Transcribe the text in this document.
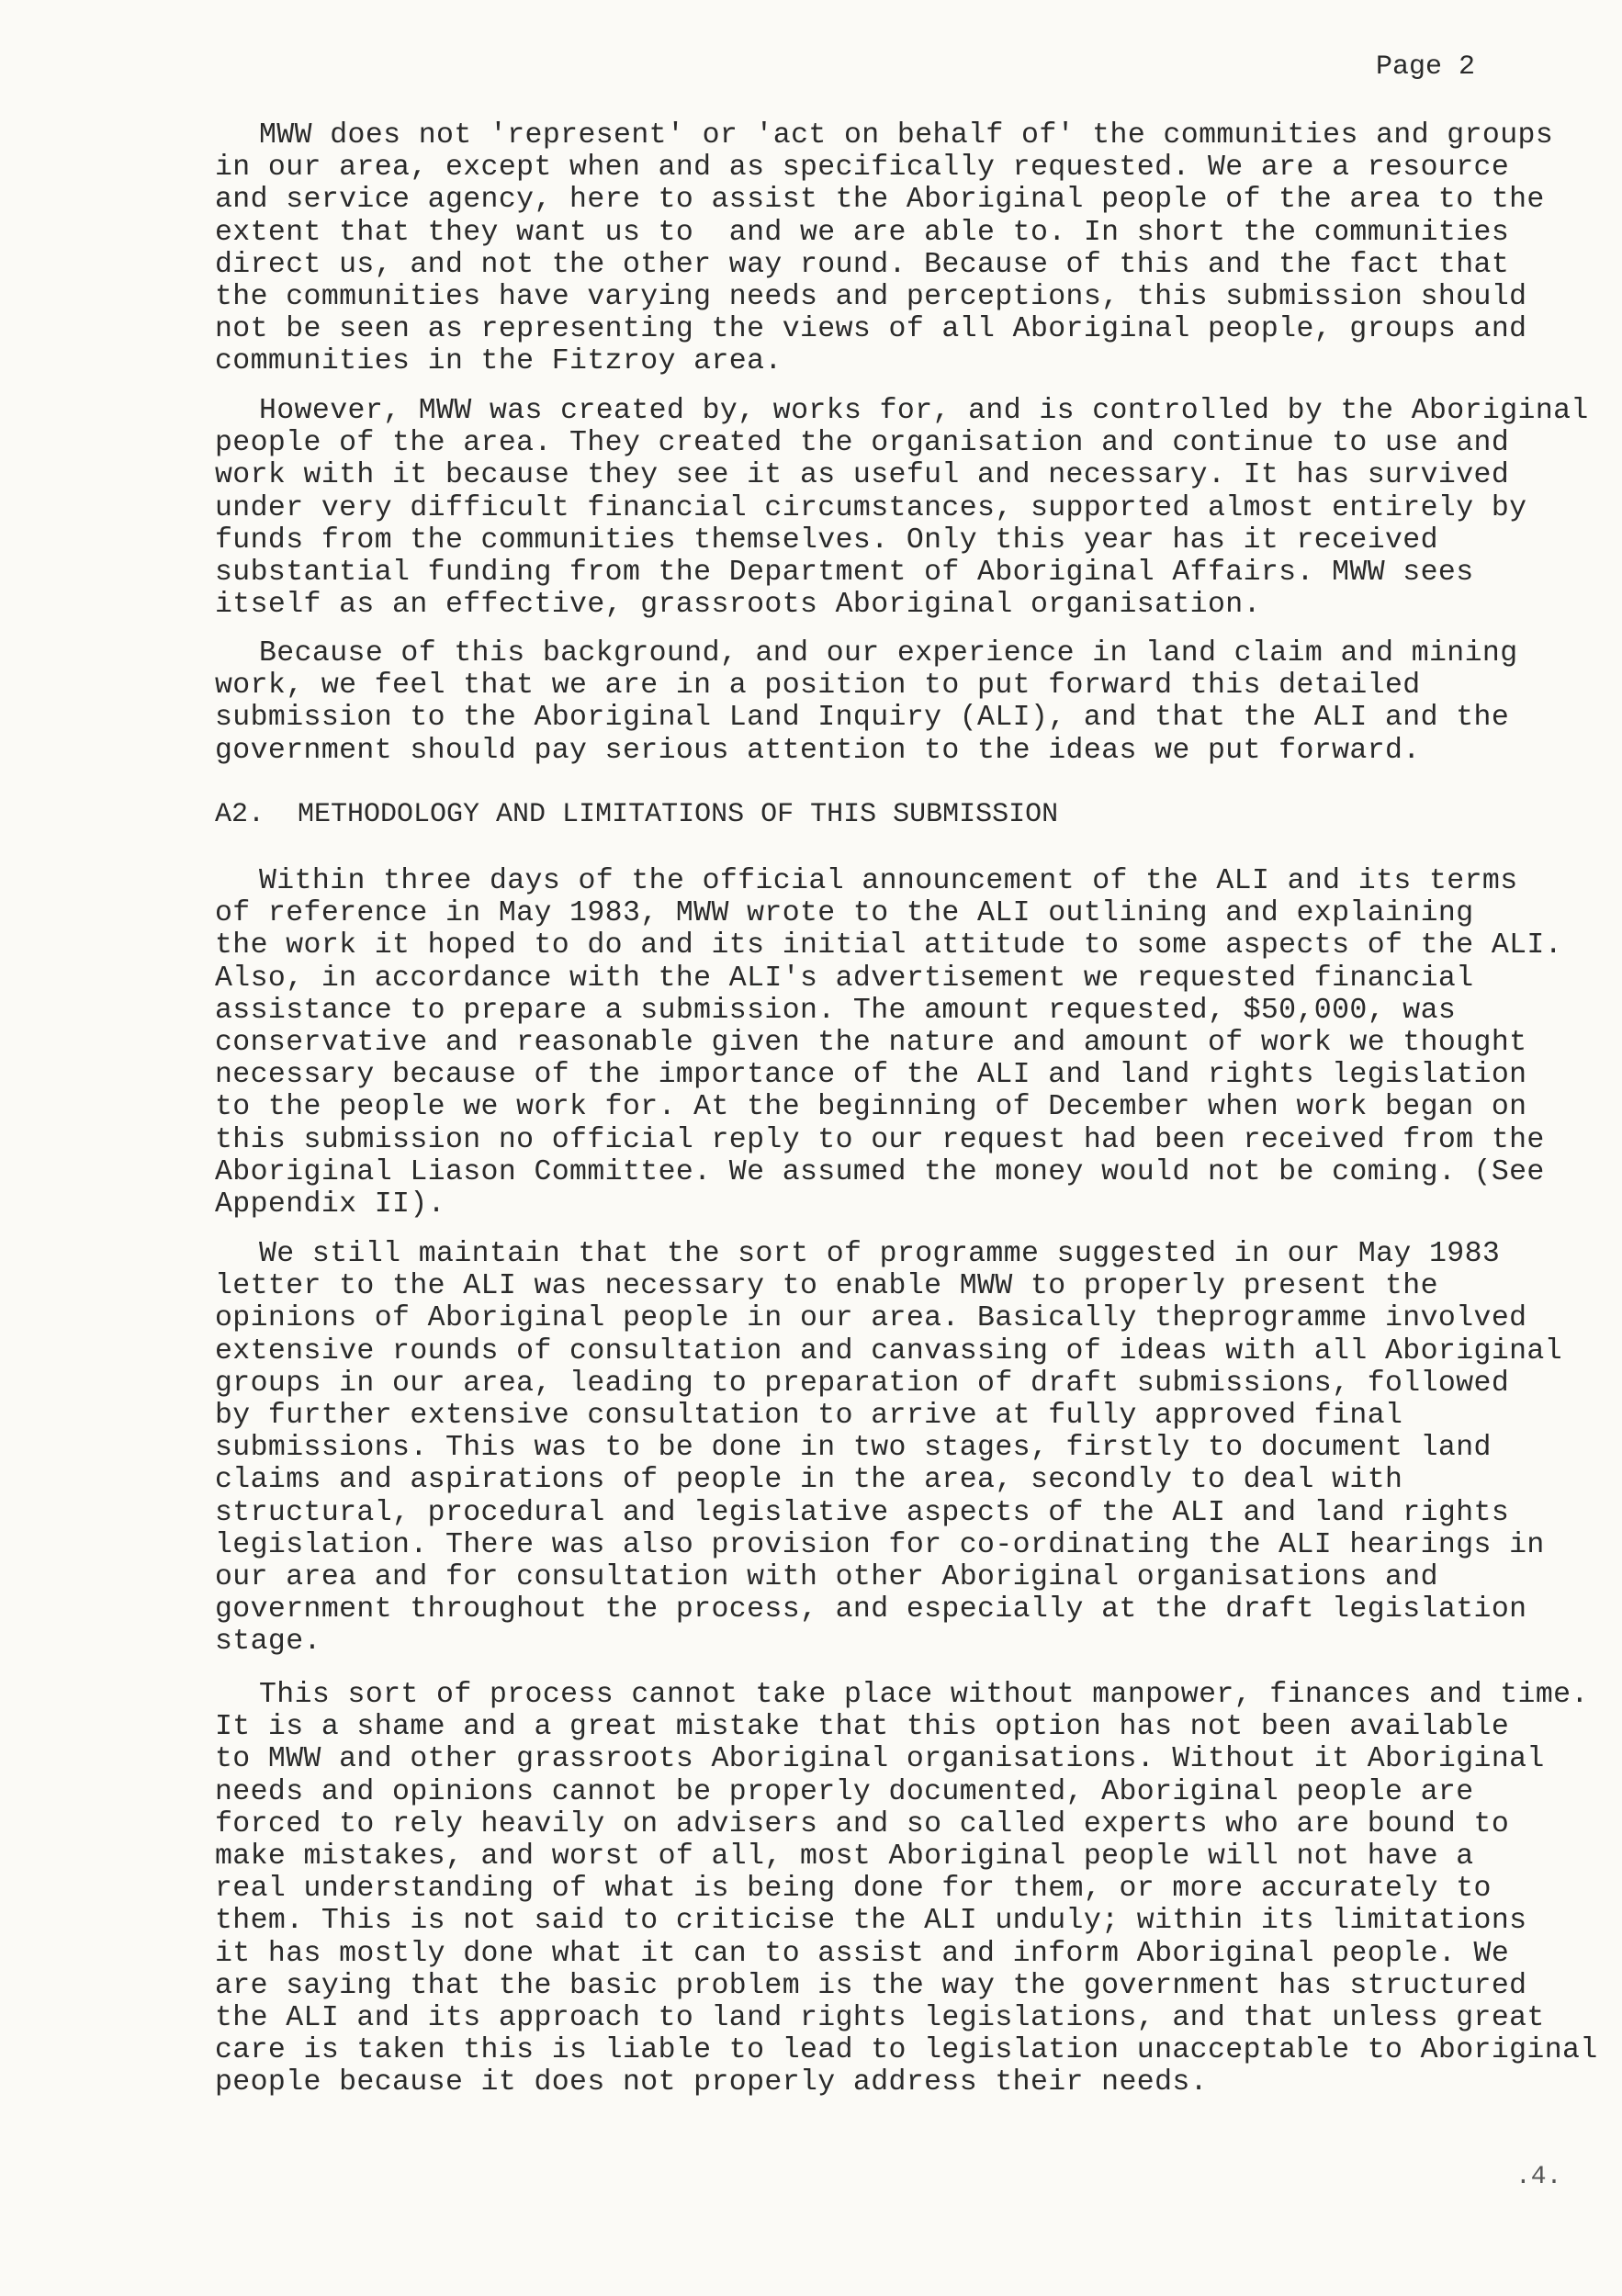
Page 2
MWW does not 'represent' or 'act on behalf of' the communities and groups
in our area, except when and as specifically requested. We are a resource
and service agency, here to assist the Aboriginal people of the area to the
extent that they want us to  and we are able to. In short the communities
direct us, and not the other way round. Because of this and the fact that
the communities have varying needs and perceptions, this submission should
not be seen as representing the views of all Aboriginal people, groups and
communities in the Fitzroy area.
However, MWW was created by, works for, and is controlled by the Aboriginal
people of the area. They created the organisation and continue to use and
work with it because they see it as useful and necessary. It has survived
under very difficult financial circumstances, supported almost entirely by
funds from the communities themselves. Only this year has it received
substantial funding from the Department of Aboriginal Affairs. MWW sees
itself as an effective, grassroots Aboriginal organisation.
Because of this background, and our experience in land claim and mining
work, we feel that we are in a position to put forward this detailed
submission to the Aboriginal Land Inquiry (ALI), and that the ALI and the
government should pay serious attention to the ideas we put forward.
A2.  METHODOLOGY AND LIMITATIONS OF THIS SUBMISSION
Within three days of the official announcement of the ALI and its terms
of reference in May 1983, MWW wrote to the ALI outlining and explaining
the work it hoped to do and its initial attitude to some aspects of the ALI.
Also, in accordance with the ALI's advertisement we requested financial
assistance to prepare a submission. The amount requested, $50,000, was
conservative and reasonable given the nature and amount of work we thought
necessary because of the importance of the ALI and land rights legislation
to the people we work for. At the beginning of December when work began on
this submission no official reply to our request had been received from the
Aboriginal Liason Committee. We assumed the money would not be coming. (See
Appendix II).
We still maintain that the sort of programme suggested in our May 1983
letter to the ALI was necessary to enable MWW to properly present the
opinions of Aboriginal people in our area. Basically theprogramme involved
extensive rounds of consultation and canvassing of ideas with all Aboriginal
groups in our area, leading to preparation of draft submissions, followed
by further extensive consultation to arrive at fully approved final
submissions. This was to be done in two stages, firstly to document land
claims and aspirations of people in the area, secondly to deal with
structural, procedural and legislative aspects of the ALI and land rights
legislation. There was also provision for co-ordinating the ALI hearings in
our area and for consultation with other Aboriginal organisations and
government throughout the process, and especially at the draft legislation
stage.
This sort of process cannot take place without manpower, finances and time.
It is a shame and a great mistake that this option has not been available
to MWW and other grassroots Aboriginal organisations. Without it Aboriginal
needs and opinions cannot be properly documented, Aboriginal people are
forced to rely heavily on advisers and so called experts who are bound to
make mistakes, and worst of all, most Aboriginal people will not have a
real understanding of what is being done for them, or more accurately to
them. This is not said to criticise the ALI unduly; within its limitations
it has mostly done what it can to assist and inform Aboriginal people. We
are saying that the basic problem is the way the government has structured
the ALI and its approach to land rights legislations, and that unless great
care is taken this is liable to lead to legislation unacceptable to Aboriginal
people because it does not properly address their needs.
.4.
